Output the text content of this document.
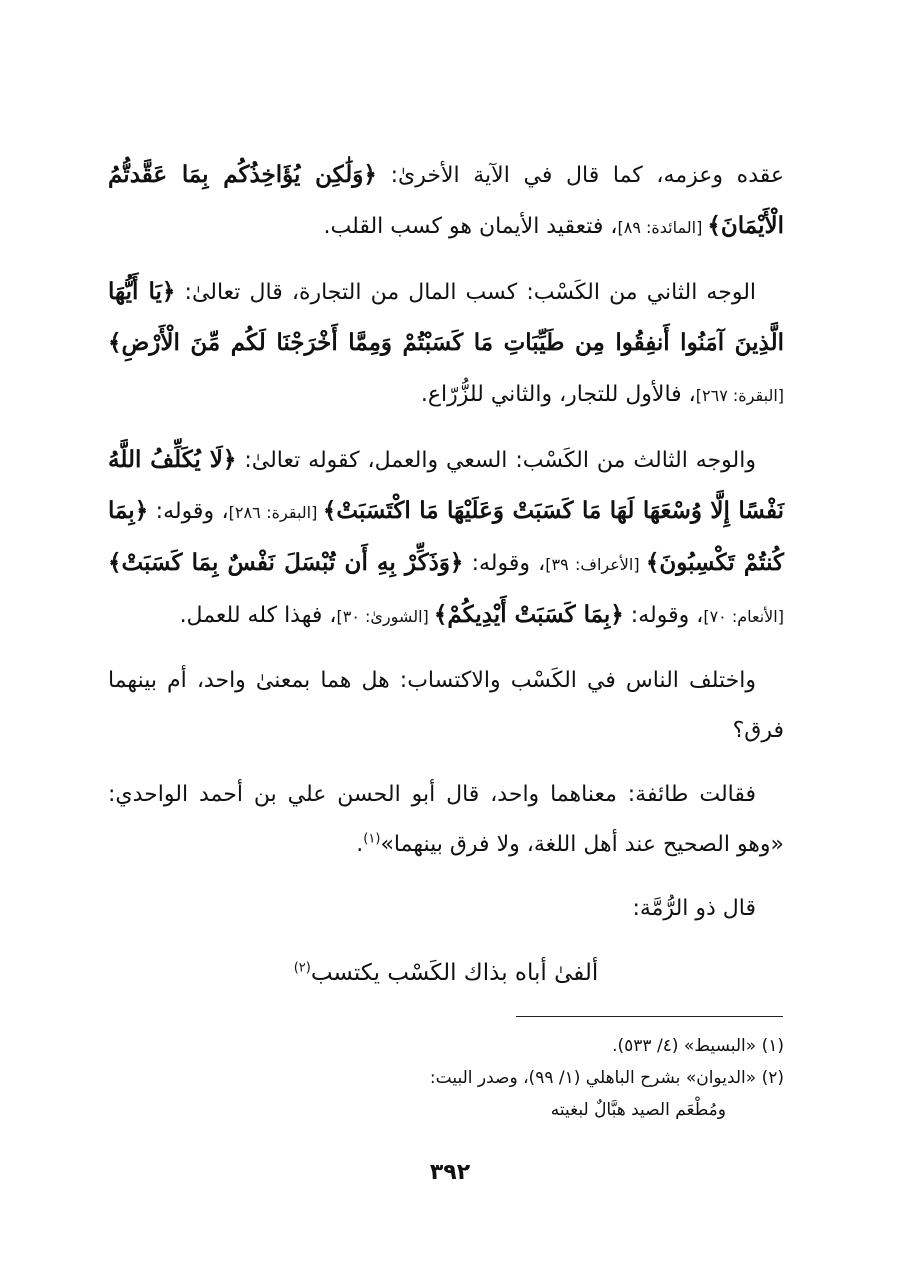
عقده وعزمه، كما قال في الآية الأخرىٰ: ﴿وَلَٰكِن يُؤَاخِذُكُم بِمَا عَقَّدتُّمُ الْأَيْمَانَ﴾ [المائدة: ٨٩]، فتعقيد الأيمان هو كسب القلب.

الوجه الثاني من الكَسْب: كسب المال من التجارة، قال تعالىٰ: ﴿يَا أَيُّهَا الَّذِينَ آمَنُوا أَنفِقُوا مِن طَيِّبَاتِ مَا كَسَبْتُمْ وَمِمَّا أَخْرَجْنَا لَكُم مِّنَ الْأَرْضِ﴾ [البقرة: ٢٦٧]، فالأول للتجار، والثاني للزُّرّاع.

والوجه الثالث من الكَسْب: السعي والعمل، كقوله تعالىٰ: ﴿لَا يُكَلِّفُ اللَّهُ نَفْسًا إِلَّا وُسْعَهَا لَهَا مَا كَسَبَتْ وَعَلَيْهَا مَا اكْتَسَبَتْ﴾ [البقرة: ٢٨٦]، وقوله: ﴿بِمَا كُنتُمْ تَكْسِبُونَ﴾ [الأعراف: ٣٩]، وقوله: ﴿وَذَكِّرْ بِهِ أَن تُبْسَلَ نَفْسٌ بِمَا كَسَبَتْ﴾ [الأنعام: ٧٠]، وقوله: ﴿بِمَا كَسَبَتْ أَيْدِيكُمْ﴾ [الشورىٰ: ٣٠]، فهذا كله للعمل.

واختلف الناس في الكَسْب والاكتساب: هل هما بمعنىٰ واحد، أم بينهما فرق؟

فقالت طائفة: معناهما واحد، قال أبو الحسن علي بن أحمد الواحدي: «وهو الصحيح عند أهل اللغة، ولا فرق بينهما»$^{(١)}$.

قال ذو الرُّمَّة:

ألفىٰ أباه بذاك الكَسْب يكتسب$^{(٢)}$

(١) «البسيط» (٤/ ٥٣٣).

(٢) «الديوان» بشرح الباهلي (١/ ٩٩)، وصدر البيت:

ومُطْعَم الصيد هبَّالٌ لبغيته

٣٩٢
